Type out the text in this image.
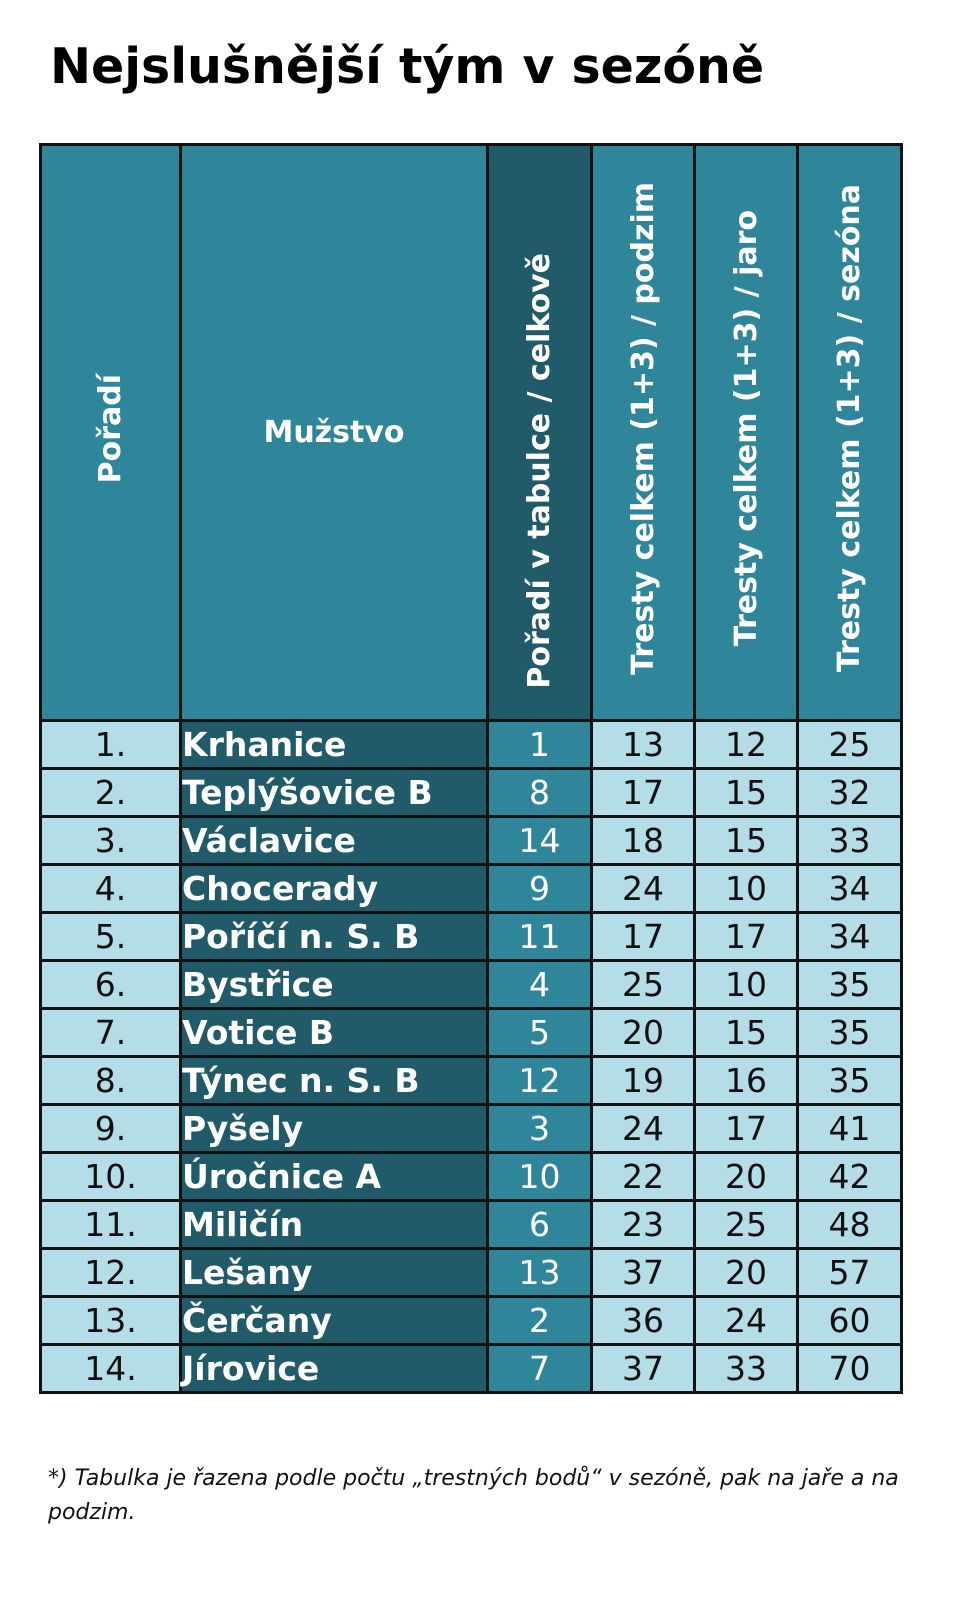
Nejslušnější tým v sezóně
Pořadí	Mužstvo	Pořadí v tabulce / celkově	Tresty celkem (1+3) / podzim	Tresty celkem (1+3) / jaro	Tresty celkem (1+3) / sezóna
1.	Krhanice	1	13	12	25
2.	Teplýšovice B	8	17	15	32
3.	Václavice	14	18	15	33
4.	Chocerady	9	24	10	34
5.	Poříčí n. S. B	11	17	17	34
6.	Bystřice	4	25	10	35
7.	Votice B	5	20	15	35
8.	Týnec n. S. B	12	19	16	35
9.	Pyšely	3	24	17	41
10.	Úročnice A	10	22	20	42
11.	Miličín	6	23	25	48
12.	Lešany	13	37	20	57
13.	Čerčany	2	36	24	60
14.	Jírovice	7	37	33	70

*) Tabulka je řazena podle počtu „trestných bodů“ v sezóně, pak na jaře a na podzim.
